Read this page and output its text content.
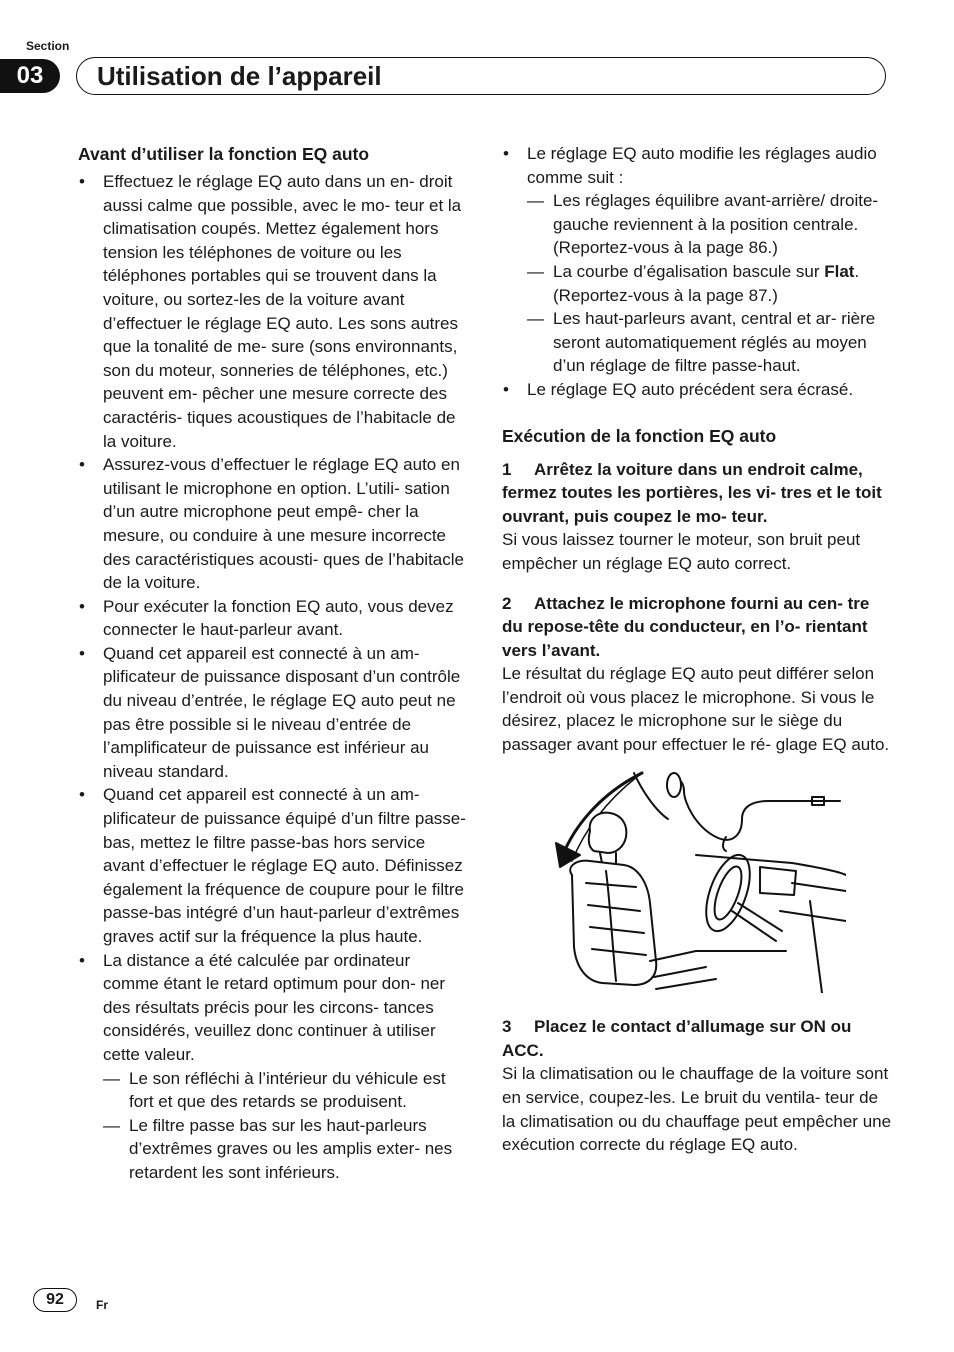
Section
03	Utilisation de l’appareil
Avant d’utiliser la fonction EQ auto
• Effectuez le réglage EQ auto dans un en- droit aussi calme que possible, avec le mo- teur et la climatisation coupés. Mettez également hors tension les téléphones de voiture ou les téléphones portables qui se trouvent dans la voiture, ou sortez-les de la voiture avant d’effectuer le réglage EQ auto. Les sons autres que la tonalité de me- sure (sons environnants, son du moteur, sonneries de téléphones, etc.) peuvent em- pêcher une mesure correcte des caractéris- tiques acoustiques de l’habitacle de la voiture.
• Assurez-vous d’effectuer le réglage EQ auto en utilisant le microphone en option. L’utili- sation d’un autre microphone peut empê- cher la mesure, ou conduire à une mesure incorrecte des caractéristiques acousti- ques de l’habitacle de la voiture.
• Pour exécuter la fonction EQ auto, vous devez connecter le haut-parleur avant.
• Quand cet appareil est connecté à un am- plificateur de puissance disposant d’un contrôle du niveau d’entrée, le réglage EQ auto peut ne pas être possible si le niveau d’entrée de l’amplificateur de puissance est inférieur au niveau standard.
• Quand cet appareil est connecté à un am- plificateur de puissance équipé d’un filtre passe-bas, mettez le filtre passe-bas hors service avant d’effectuer le réglage EQ auto. Définissez également la fréquence de coupure pour le filtre passe-bas intégré d’un haut-parleur d’extrêmes graves actif sur la fréquence la plus haute.
• La distance a été calculée par ordinateur comme étant le retard optimum pour don- ner des résultats précis pour les circons- tances considérés, veuillez donc continuer à utiliser cette valeur.
— Le son réfléchi à l’intérieur du véhicule est fort et que des retards se produisent.
— Le filtre passe bas sur les haut-parleurs d’extrêmes graves ou les amplis exter- nes retardent les sont inférieurs.
• Le réglage EQ auto modifie les réglages audio comme suit :
— Les réglages équilibre avant-arrière/ droite-gauche reviennent à la position centrale. (Reportez-vous à la page 86.)
— La courbe d’égalisation bascule sur Flat. (Reportez-vous à la page 87.)
— Les haut-parleurs avant, central et ar- rière seront automatiquement réglés au moyen d’un réglage de filtre passe-haut.
• Le réglage EQ auto précédent sera écrasé.
Exécution de la fonction EQ auto

1 Arrêtez la voiture dans un endroit calme, fermez toutes les portières, les vi- tres et le toit ouvrant, puis coupez le mo- teur.

Si vous laissez tourner le moteur, son bruit peut empêcher un réglage EQ auto correct.

2 Attachez le microphone fourni au cen- tre du repose-tête du conducteur, en l’o- rientant vers l’avant.

Le résultat du réglage EQ auto peut différer selon l’endroit où vous placez le microphone. Si vous le désirez, placez le microphone sur le siège du passager avant pour effectuer le ré- glage EQ auto.

3 Placez le contact d’allumage sur ON ou ACC.

Si la climatisation ou le chauffage de la voiture sont en service, coupez-les. Le bruit du ventila- teur de la climatisation ou du chauffage peut empêcher une exécution correcte du réglage EQ auto.

92	Fr
